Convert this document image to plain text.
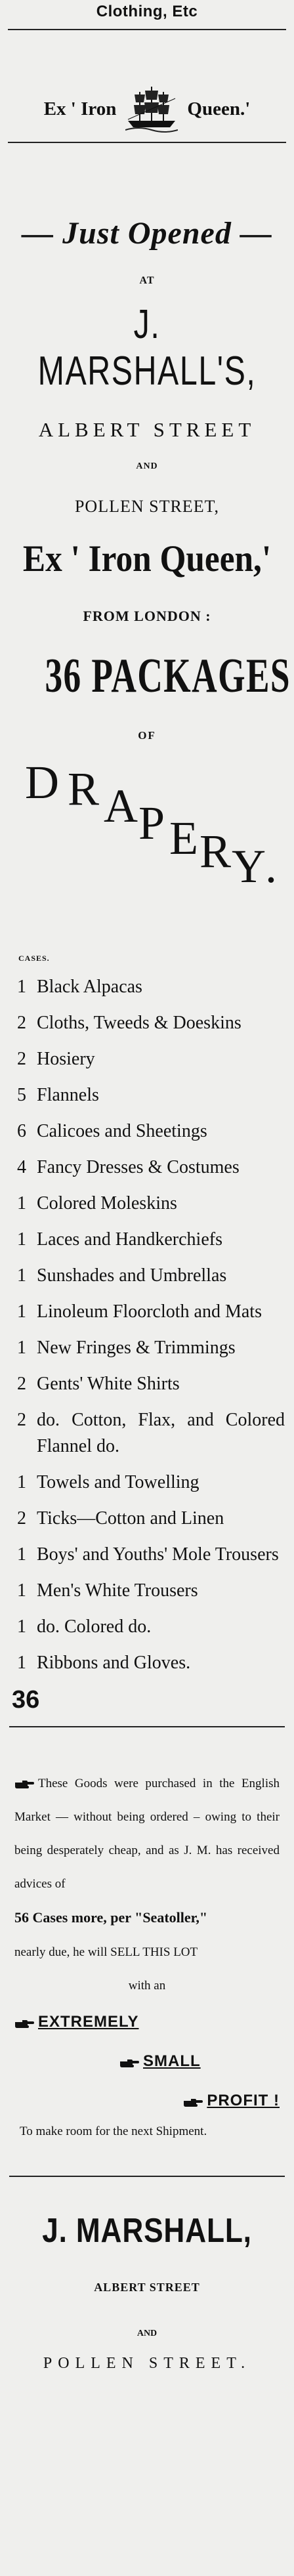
Clothing, Etc
Ex ' Iron	Queen.'
— Just Opened —
AT
J. MARSHALL'S,
ALBERT STREET
AND
POLLEN STREET,
Ex ' Iron Queen,'
FROM LONDON :
36 PACKAGES
OF
D R A P E R Y .
CASES.
1 Black Alpacas
2 Cloths, Tweeds & Doeskins
2 Hosiery
5 Flannels
6 Calicoes and Sheetings
4 Fancy Dresses & Costumes
1 Colored Moleskins
1 Laces and Handkerchiefs
1 Sunshades and Umbrellas
1 Linoleum Floorcloth and Mats
1 New Fringes & Trimmings
2 Gents' White Shirts
2 do. Cotton, Flax, and Colored Flannel do.
1 Towels and Towelling
2 Ticks—Cotton and Linen
1 Boys' and Youths' Mole Trousers
1 Men's White Trousers
1 do. Colored do.
1 Ribbons and Gloves.
36
These Goods were purchased in the English Market — without being ordered – owing to their being desperately cheap, and as J. M. has received advices of
56 Cases more, per "Seatoller,"
nearly due, he will SELL THIS LOT
with an
EXTREMELY
SMALL
PROFIT !
To make room for the next Shipment.
J. MARSHALL,
ALBERT STREET
AND
POLLEN STREET.
